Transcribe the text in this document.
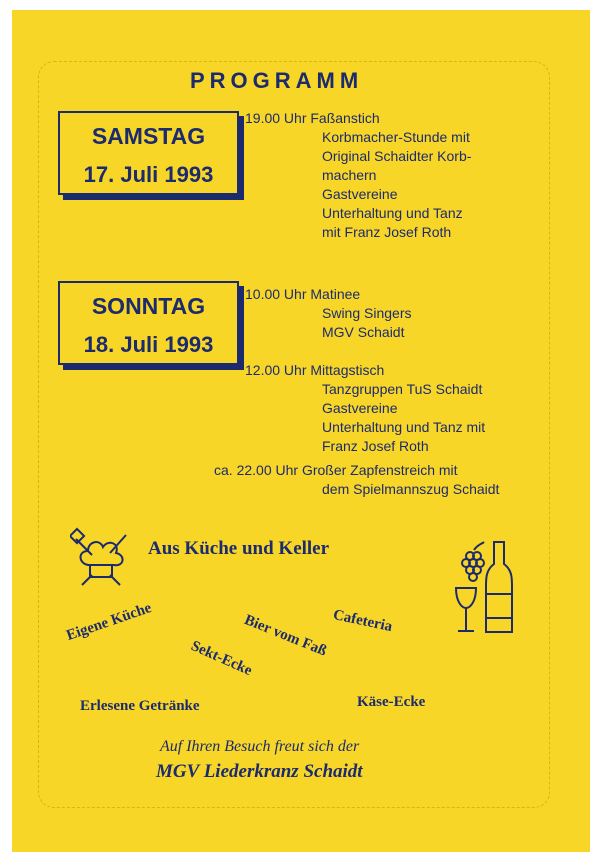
PROGRAMM
SAMSTAG
17. Juli 1993
19.00 Uhr Faßanstich
Korbmacher-Stunde mit
Original Schaidter Korb-
machern
Gastvereine
Unterhaltung und Tanz
mit Franz Josef Roth
SONNTAG
18. Juli 1993
10.00 Uhr Matinee
Swing Singers
MGV Schaidt
12.00 Uhr Mittagstisch
Tanzgruppen TuS Schaidt
Gastvereine
Unterhaltung und Tanz mit
Franz Josef Roth
ca. 22.00 Uhr Großer Zapfenstreich mit
dem Spielmannszug Schaidt
Aus Küche und Keller
Eigene Küche	Bier vom Faß Cafeteria
Sekt-Ecke
Erlesene Getränke	Käse-Ecke
Auf Ihren Besuch freut sich der
MGV Liederkranz Schaidt
